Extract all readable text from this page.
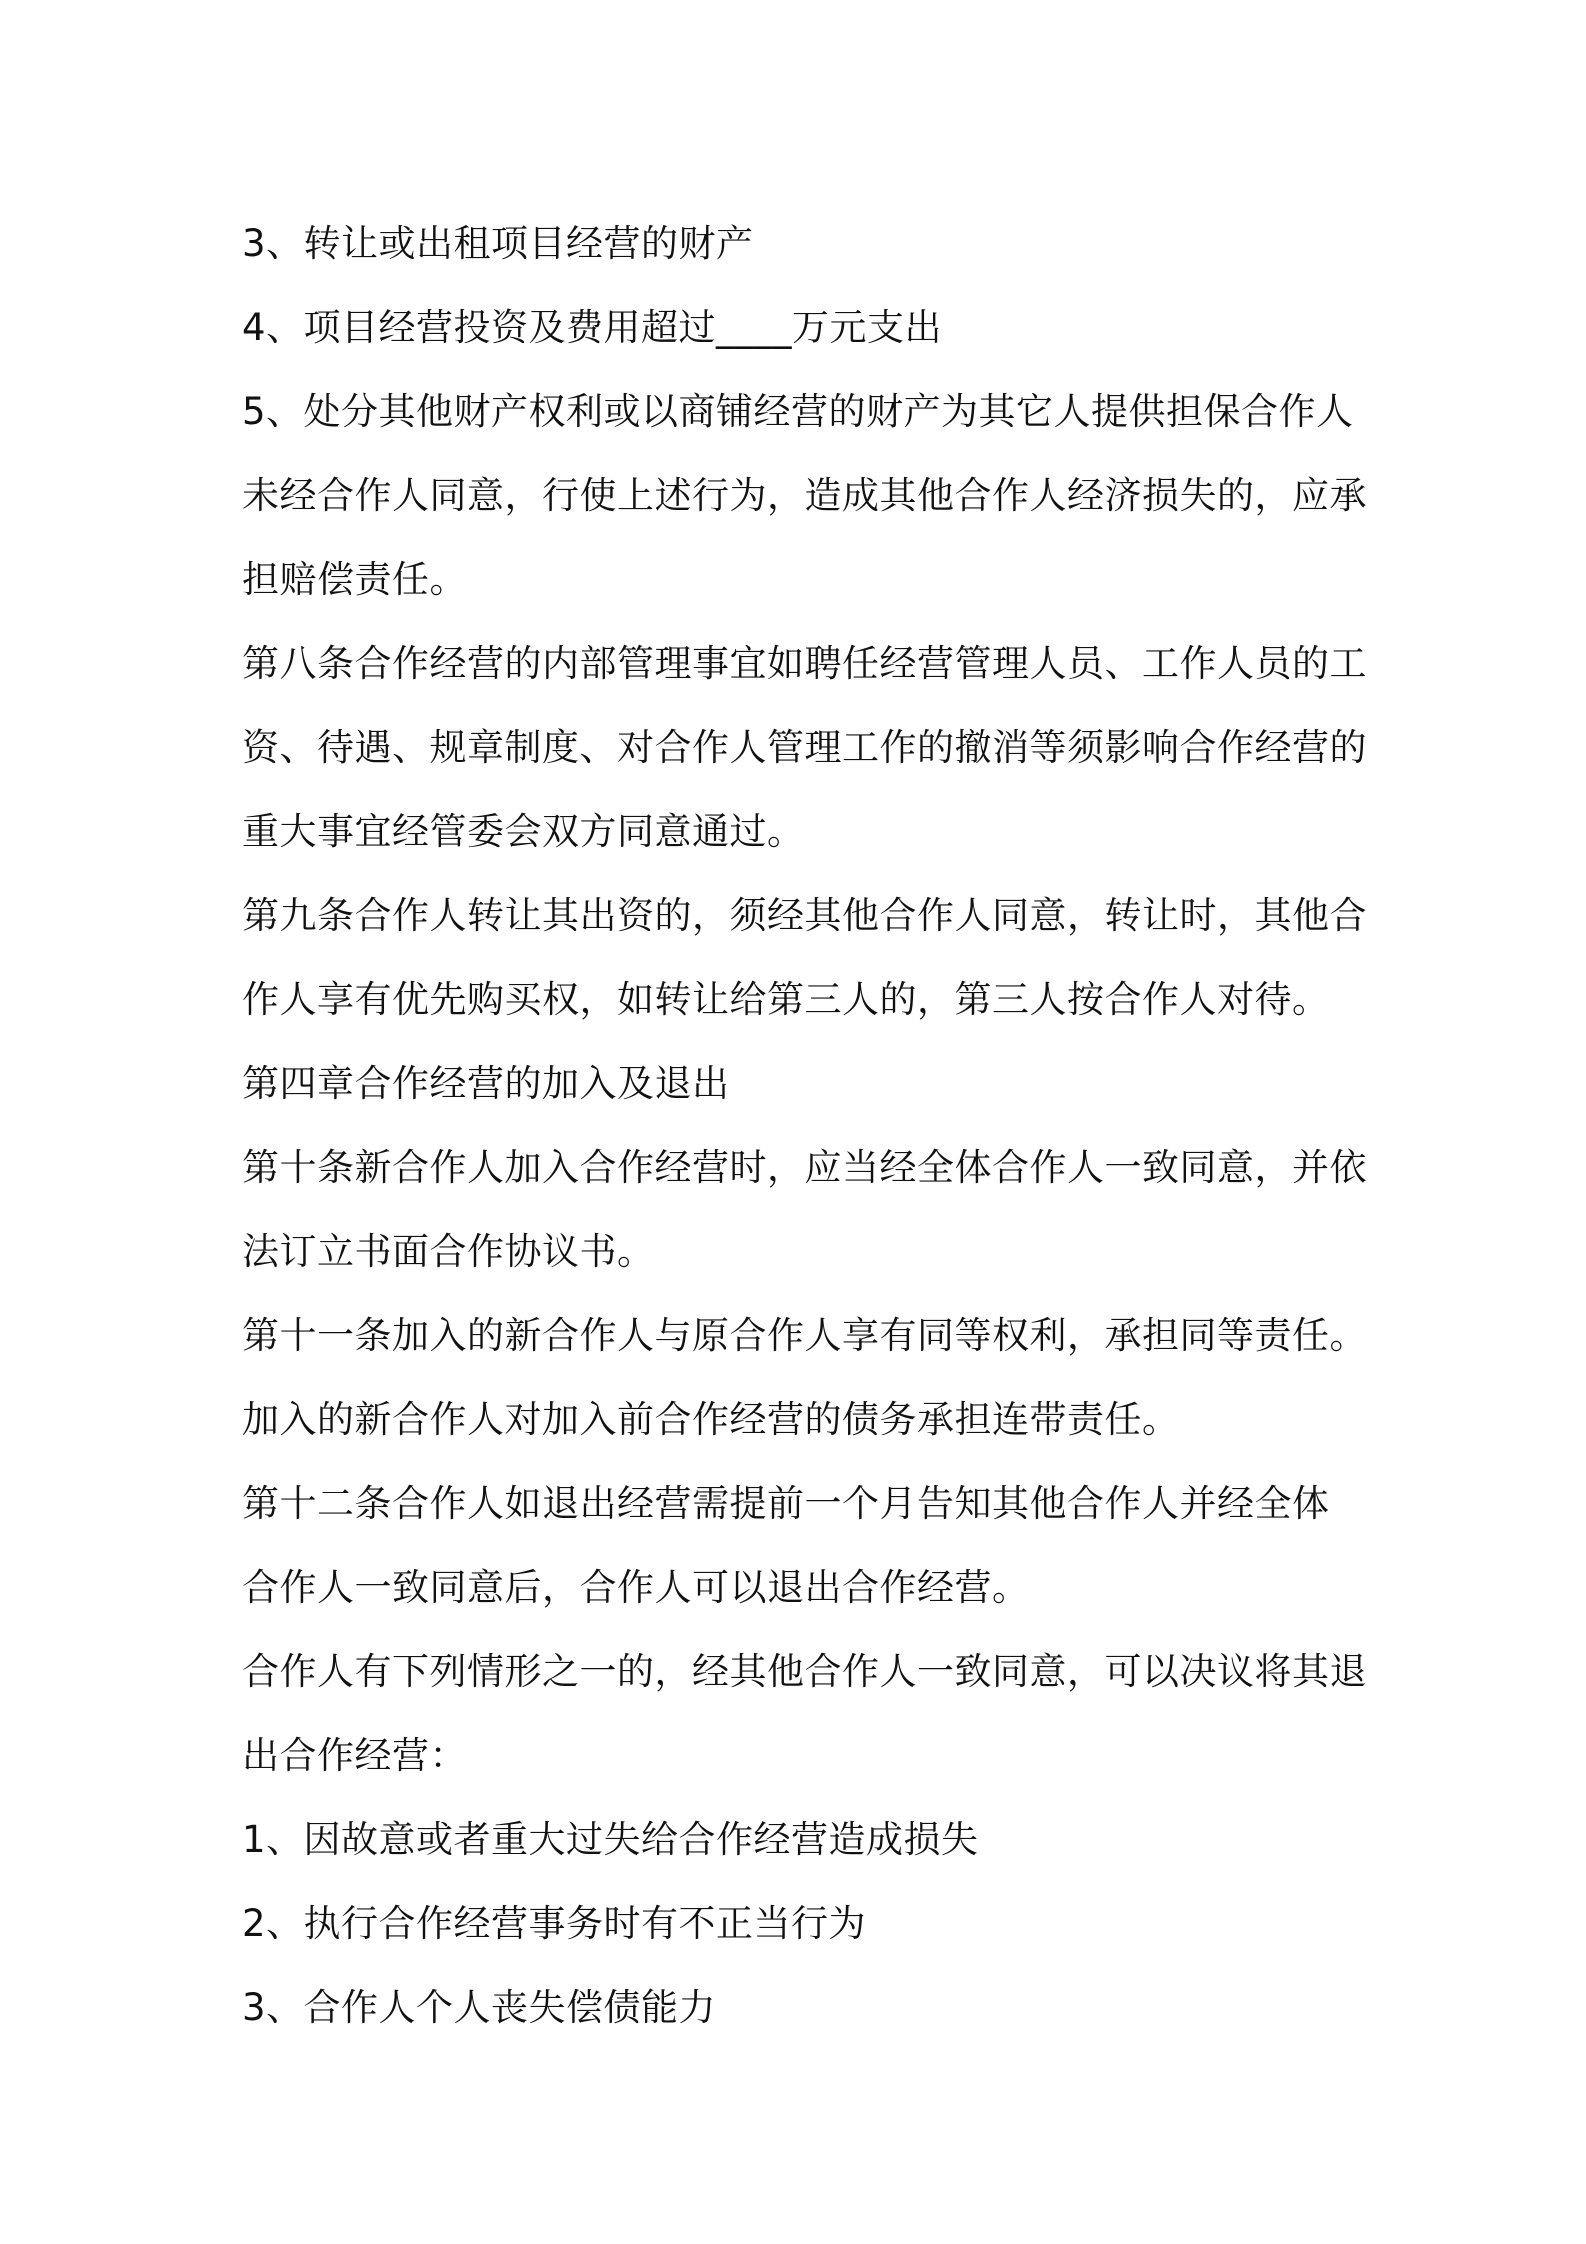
3、转让或出租项目经营的财产
4、项目经营投资及费用超过____万元支出
5、处分其他财产权利或以商铺经营的财产为其它人提供担保合作人
未经合作人同意，行使上述行为，造成其他合作人经济损失的，应承
担赔偿责任。
第八条合作经营的内部管理事宜如聘任经营管理人员、工作人员的工
资、待遇、规章制度、对合作人管理工作的撤消等须影响合作经营的
重大事宜经管委会双方同意通过。
第九条合作人转让其出资的，须经其他合作人同意，转让时，其他合
作人享有优先购买权，如转让给第三人的，第三人按合作人对待。
第四章合作经营的加入及退出
第十条新合作人加入合作经营时，应当经全体合作人一致同意，并依
法订立书面合作协议书。
第十一条加入的新合作人与原合作人享有同等权利，承担同等责任。
加入的新合作人对加入前合作经营的债务承担连带责任。
第十二条合作人如退出经营需提前一个月告知其他合作人并经全体
合作人一致同意后，合作人可以退出合作经营。
合作人有下列情形之一的，经其他合作人一致同意，可以决议将其退
出合作经营：
1、因故意或者重大过失给合作经营造成损失
2、执行合作经营事务时有不正当行为
3、合作人个人丧失偿债能力
